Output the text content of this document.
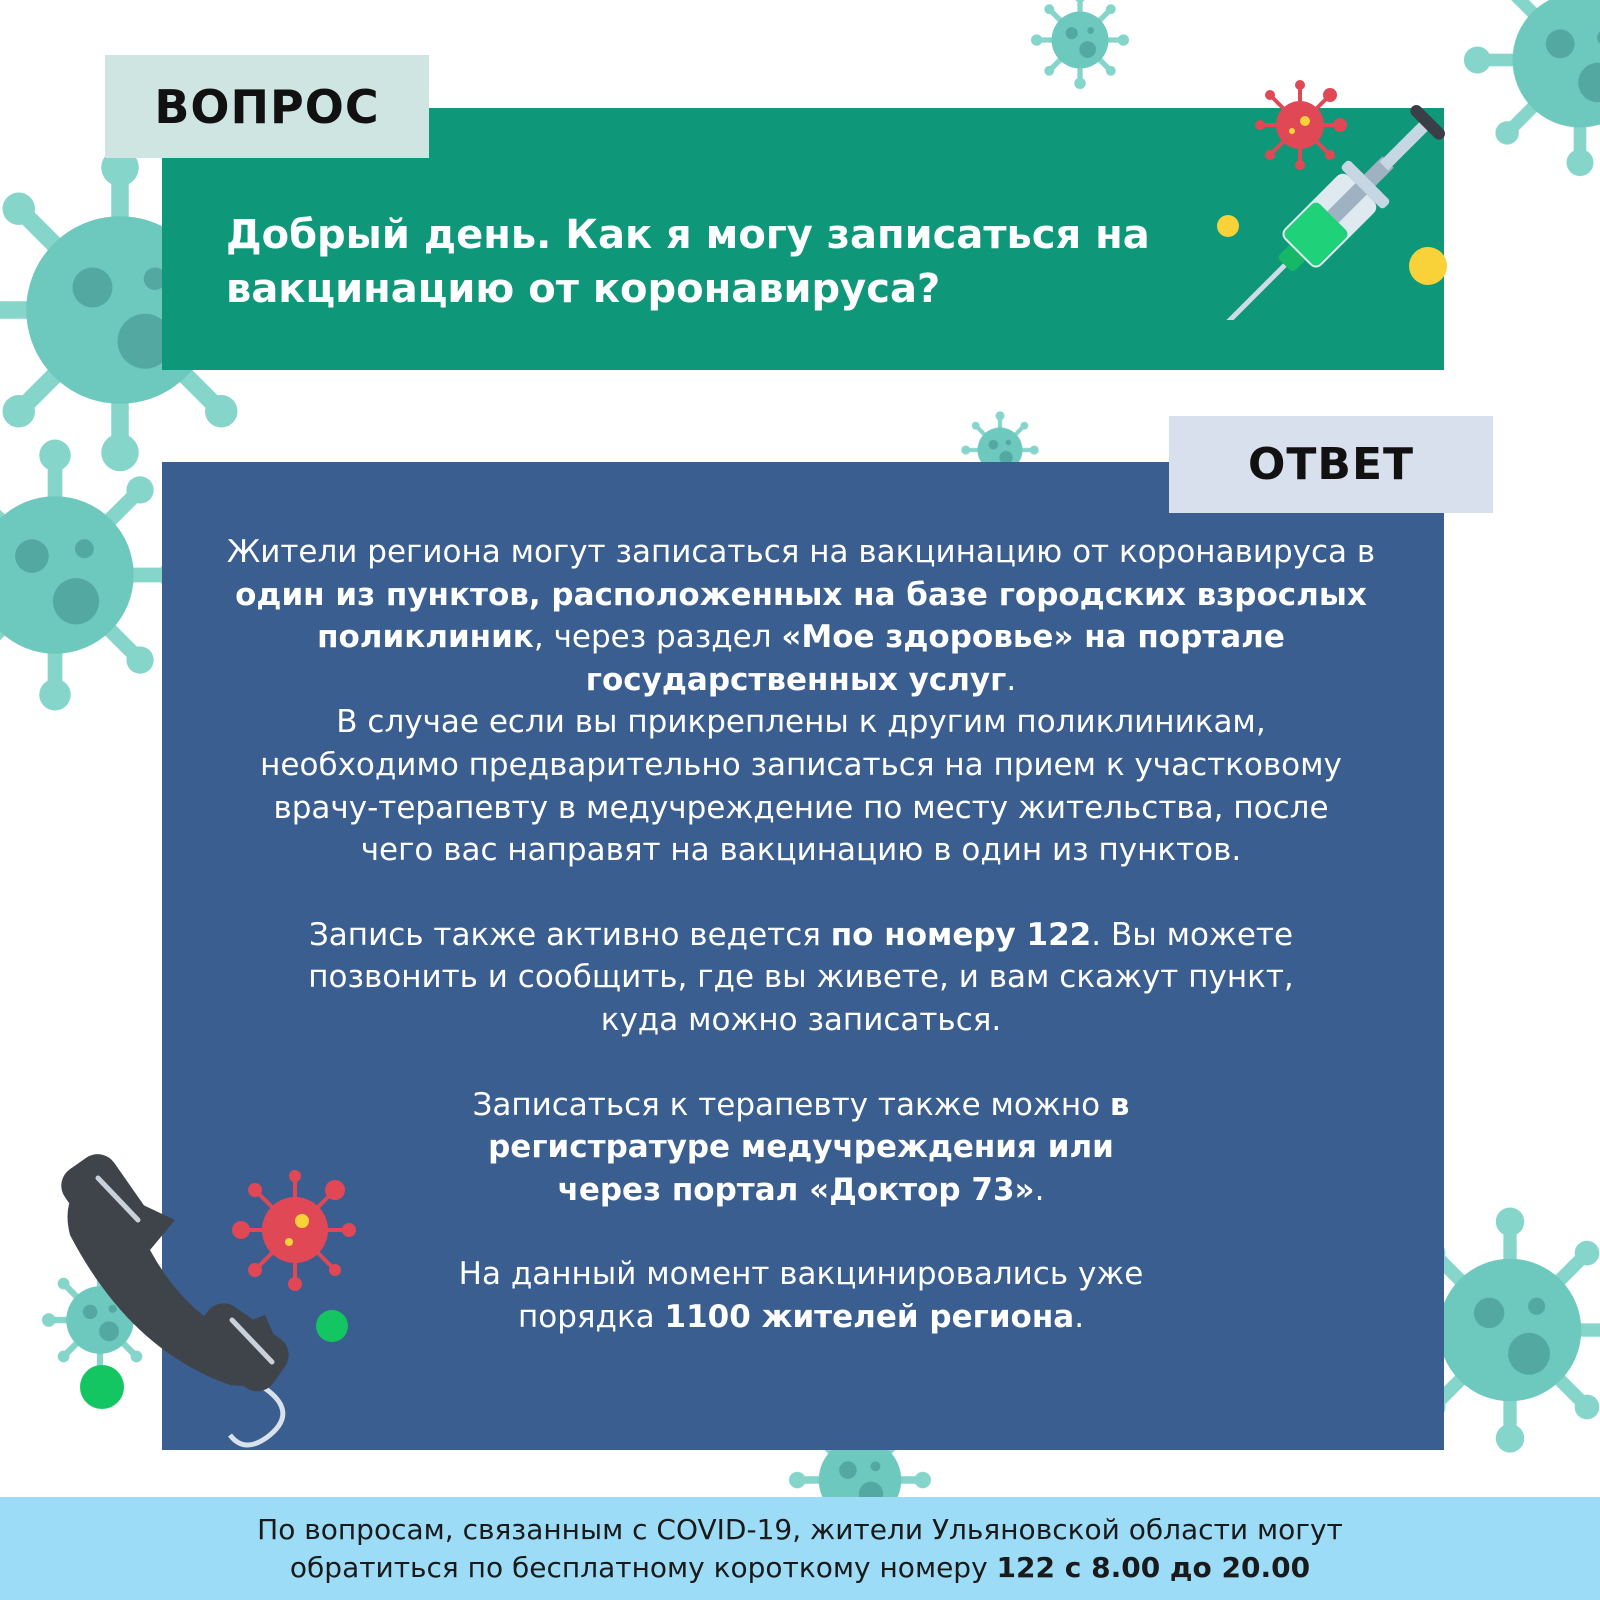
ВОПРОС
Добрый день. Как я могу записаться на
вакцинацию от коронавируса?
ОТВЕТ

Жители региона могут записаться на вакцинацию от коронавируса в один из пунктов, расположенных на базе городских взрослых поликлиник, через раздел «Мое здоровье» на портале государственных услуг.

В случае если вы прикреплены к другим поликлиникам, необходимо предварительно записаться на прием к участковому врачу-терапевту в медучреждение по месту жительства, после чего вас направят на вакцинацию в один из пунктов.

Запись также активно ведется по номеру 122. Вы можете позвонить и сообщить, где вы живете, и вам скажут пункт, куда можно записаться.

Записаться к терапевту также можно в регистратуре медучреждения или через портал «Доктор 73».

На данный момент вакцинировались уже порядка 1100 жителей региона.

По вопросам, связанным с COVID-19, жители Ульяновской области могут
обратиться по бесплатному короткому номеру 122 с 8.00 до 20.00
